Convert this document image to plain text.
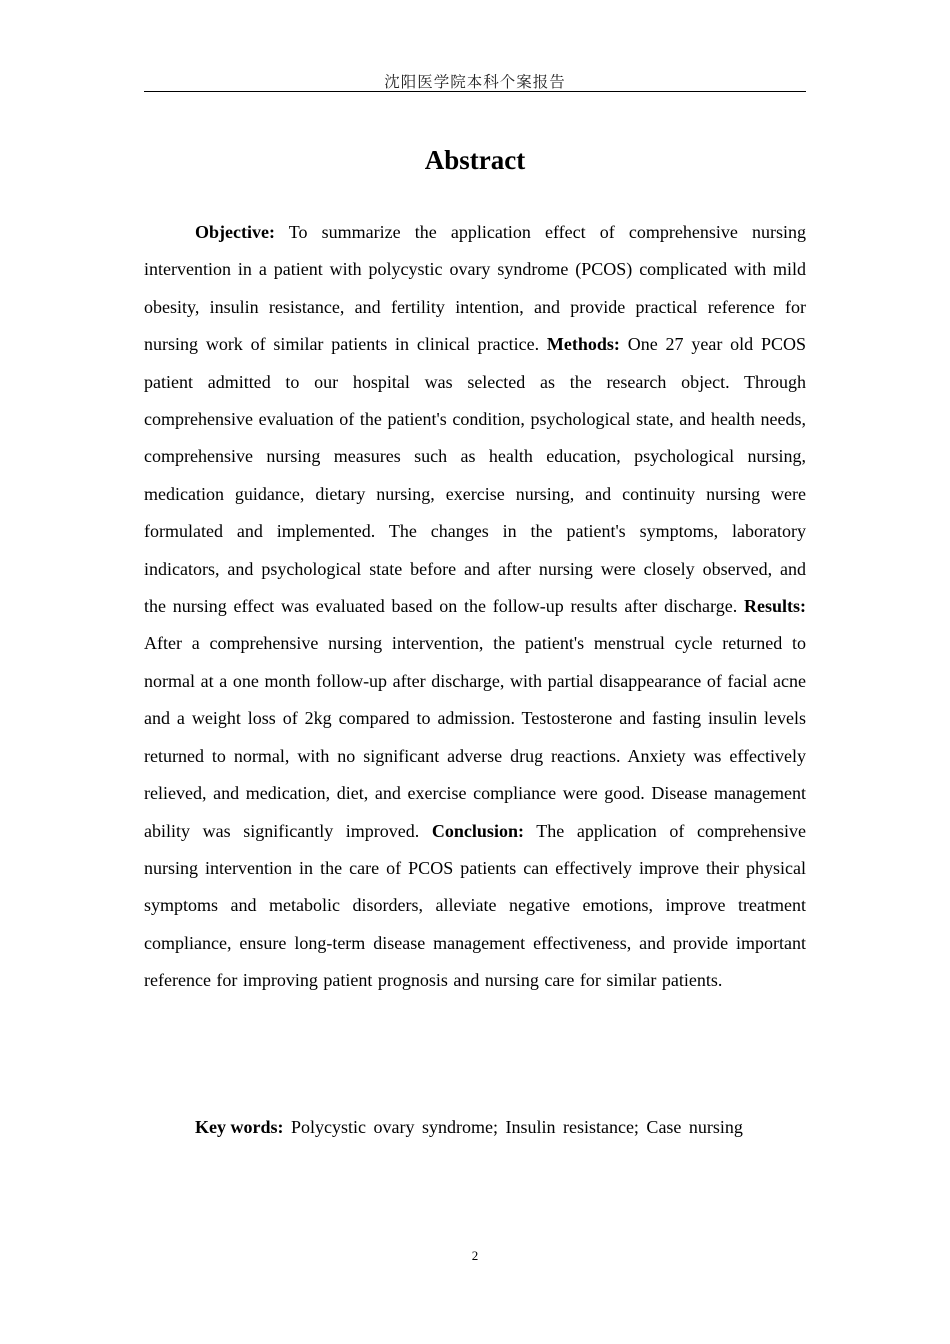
沈阳医学院本科个案报告
Abstract

Objective: To summarize the application effect of comprehensive nursing intervention in a patient with polycystic ovary syndrome (PCOS) complicated with mild obesity, insulin resistance, and fertility intention, and provide practical reference for nursing work of similar patients in clinical practice. Methods: One 27 year old PCOS patient admitted to our hospital was selected as the research object. Through comprehensive evaluation of the patient's condition, psychological state, and health needs, comprehensive nursing measures such as health education, psychological nursing, medication guidance, dietary nursing, exercise nursing, and continuity nursing were formulated and implemented. The changes in the patient's symptoms, laboratory indicators, and psychological state before and after nursing were closely observed, and the nursing effect was evaluated based on the follow-up results after discharge. Results: After a comprehensive nursing intervention, the patient's menstrual cycle returned to normal at a one month follow-up after discharge, with partial disappearance of facial acne and a weight loss of 2kg compared to admission. Testosterone and fasting insulin levels returned to normal, with no significant adverse drug reactions. Anxiety was effectively relieved, and medication, diet, and exercise compliance were good. Disease management ability was significantly improved. Conclusion: The application of comprehensive nursing intervention in the care of PCOS patients can effectively improve their physical symptoms and metabolic disorders, alleviate negative emotions, improve treatment compliance, ensure long-term disease management effectiveness, and provide important reference for improving patient prognosis and nursing care for similar patients.

Key words: Polycystic ovary syndrome; Insulin resistance; Case nursing

2
